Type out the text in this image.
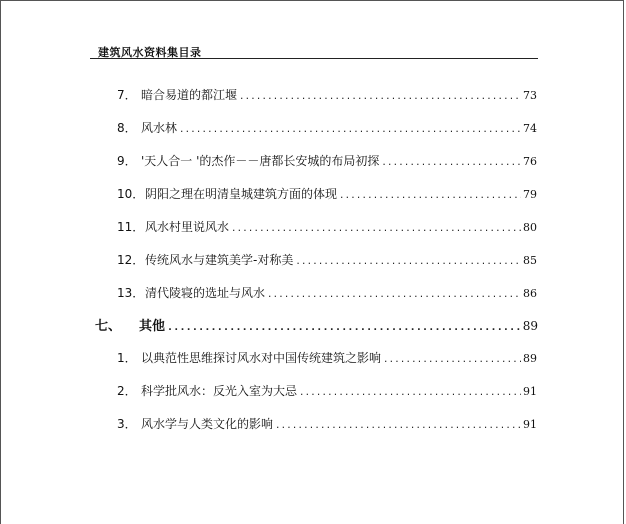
建筑风水资料集目录
7． 暗合易道的都江堰 .....	73
8． 风水林 .....	74
9． '天人合一 '的杰作－－唐都长安城的布局初探 .....	76
10． 阴阳之理在明清皇城建筑方面的体现 .....	79
11． 风水村里说风水 .....	80
12． 传统风水与建筑美学-对称美 .....	85
13． 清代陵寝的选址与风水 .....	86
七、	其他 .....	89
1． 以典范性思维探讨风水对中国传统建筑之影响 .....	89
2． 科学批风水：反光入室为大忌 .....	91
3． 风水学与人类文化的影响 .....	91
